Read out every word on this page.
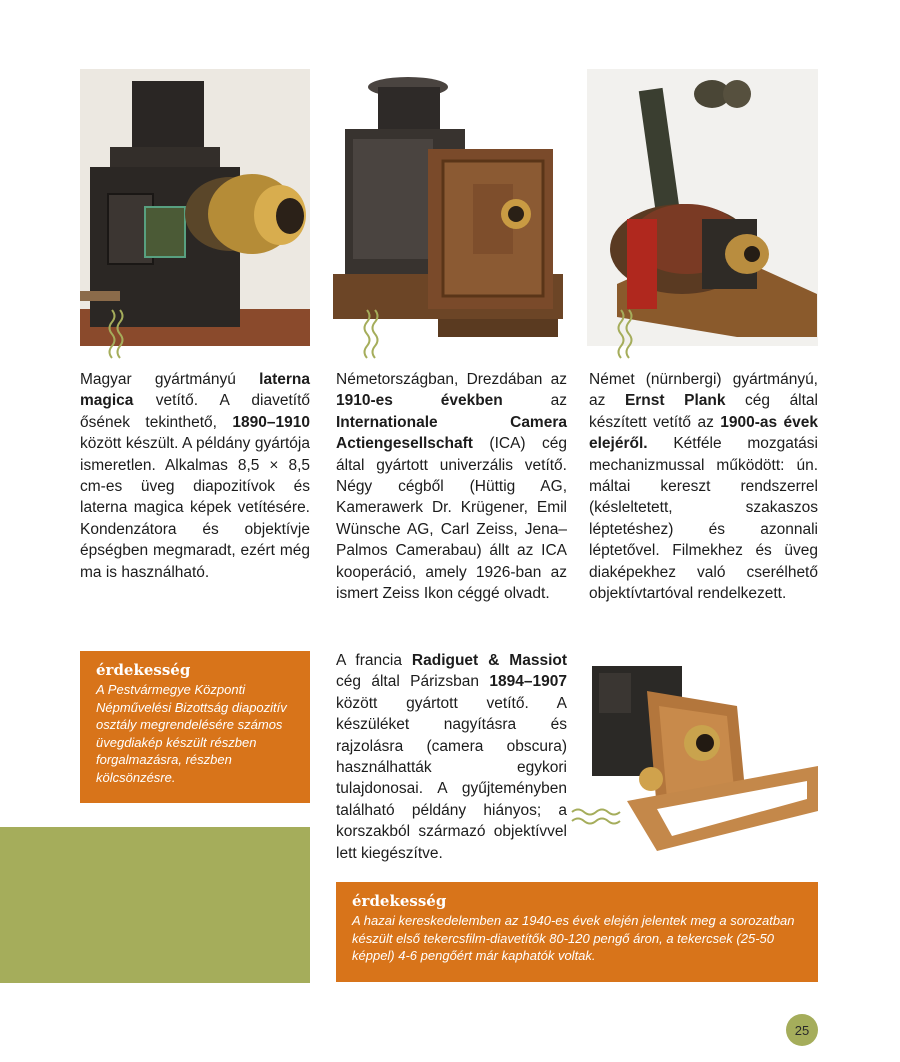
Magyar gyártmányú laterna magica vetítő. A diavetítő ősének tekinthető, 1890–1910 között készült. A példány gyártója ismeretlen. Alkalmas 8,5 × 8,5 cm-es üveg diapozitívok és laterna magica képek vetítésére. Kondenzátora és objektívje épségben megmaradt, ezért még ma is használható.

Németországban, Drezdában az 1910-es években az Internationale Camera Actiengesellschaft (ICA) cég által gyártott univerzális vetítő. Négy cégből (Hüttig AG, Kamerawerk Dr. Krügener, Emil Wünsche AG, Carl Zeiss, Jena–Palmos Camerabau) állt az ICA kooperáció, amely 1926-ban az ismert Zeiss Ikon céggé olvadt.

Német (nürnbergi) gyártmányú, az Ernst Plank cég által készített vetítő az 1900-as évek elejéről. Kétféle mozgatási mechanizmussal működött: ún. máltai kereszt rendszerrel (késleltetett, szakaszos léptetéshez) és azonnali léptetővel. Filmekhez és üveg diaképekhez való cserélhető objektívtartóval rendelkezett.

A francia Radiguet & Massiot cég által Párizsban 1894–1907 között gyártott vetítő. A készüléket nagyításra és rajzolásra (camera obscura) használhatták egykori tulajdonosai. A gyűjteményben található példány hiányos; a korszakból származó objektívvel lett kiegészítve.

érdekesség

A Pestvármegye Központi Népművelési Bizottság diapozitív osztály megrendelésére számos üvegdiakép készült részben forgalmazásra, részben kölcsönzésre.

érdekesség

A hazai kereskedelemben az 1940-es évek elején jelentek meg a sorozatban készült első tekercsfilm-diavetítők 80-120 pengő áron, a tekercsek (25-50 képpel) 4-6 pengőért már kaphatók voltak.

25
